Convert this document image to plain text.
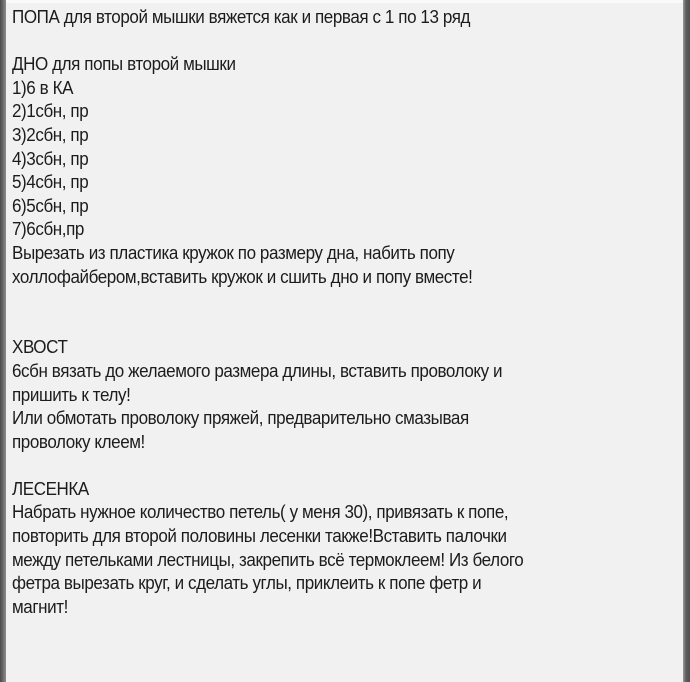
ПОПА для второй мышки вяжется как и первая с 1 по 13 ряд
ДНО для попы второй мышки
1)6 в КА
2)1сбн, пр
3)2сбн, пр
4)3сбн, пр
5)4сбн, пр
6)5сбн, пр
7)6сбн,пр
Вырезать из пластика кружок по размеру дна, набить попу
холлофайбером,вставить кружок и сшить дно и попу вместе!
ХВОСТ
6сбн вязать до желаемого размера длины, вставить проволоку и
пришить к телу!
Или обмотать проволоку пряжей, предварительно смазывая
проволоку клеем!
ЛЕСЕНКА
Набрать нужное количество петель( у меня 30), привязать к попе,
повторить для второй половины лесенки также!Вставить палочки
между петельками лестницы, закрепить всё термоклеем! Из белого
фетра вырезать круг, и сделать углы, приклеить к попе фетр и
магнит!
